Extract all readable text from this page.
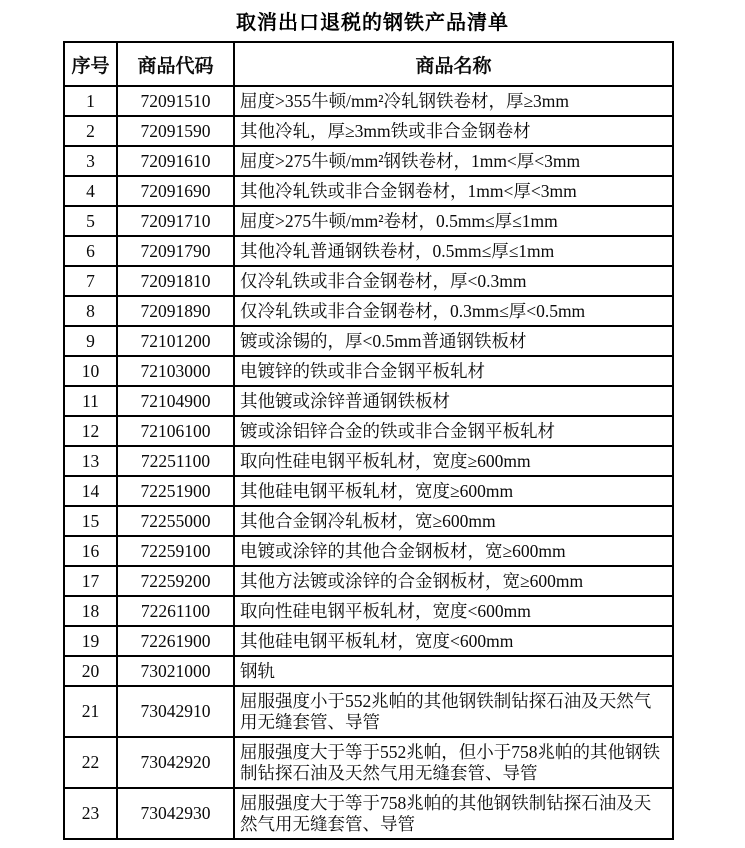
取消出口退税的钢铁产品清单
序号	商品代码	商品名称
1	72091510	屈度>355牛顿/mm²冷轧钢铁卷材，厚≥3mm
2	72091590	其他冷轧，厚≥3mm铁或非合金钢卷材
3	72091610	屈度>275牛顿/mm²钢铁卷材，1mm<厚<3mm
4	72091690	其他冷轧铁或非合金钢卷材，1mm<厚<3mm
5	72091710	屈度>275牛顿/mm²卷材，0.5mm≤厚≤1mm
6	72091790	其他冷轧普通钢铁卷材，0.5mm≤厚≤1mm
7	72091810	仅冷轧铁或非合金钢卷材，厚<0.3mm
8	72091890	仅冷轧铁或非合金钢卷材，0.3mm≤厚<0.5mm
9	72101200	镀或涂锡的，厚<0.5mm普通钢铁板材
10	72103000	电镀锌的铁或非合金钢平板轧材
11	72104900	其他镀或涂锌普通钢铁板材
12	72106100	镀或涂铝锌合金的铁或非合金钢平板轧材
13	72251100	取向性硅电钢平板轧材，宽度≥600mm
14	72251900	其他硅电钢平板轧材，宽度≥600mm
15	72255000	其他合金钢冷轧板材，宽≥600mm
16	72259100	电镀或涂锌的其他合金钢板材，宽≥600mm
17	72259200	其他方法镀或涂锌的合金钢板材，宽≥600mm
18	72261100	取向性硅电钢平板轧材，宽度<600mm
19	72261900	其他硅电钢平板轧材，宽度<600mm
20	73021000	钢轨
21	73042910	屈服强度小于552兆帕的其他钢铁制钻探石油及天然气用无缝套管、导管
22	73042920	屈服强度大于等于552兆帕，但小于758兆帕的其他钢铁制钻探石油及天然气用无缝套管、导管
23	73042930	屈服强度大于等于758兆帕的其他钢铁制钻探石油及天然气用无缝套管、导管
